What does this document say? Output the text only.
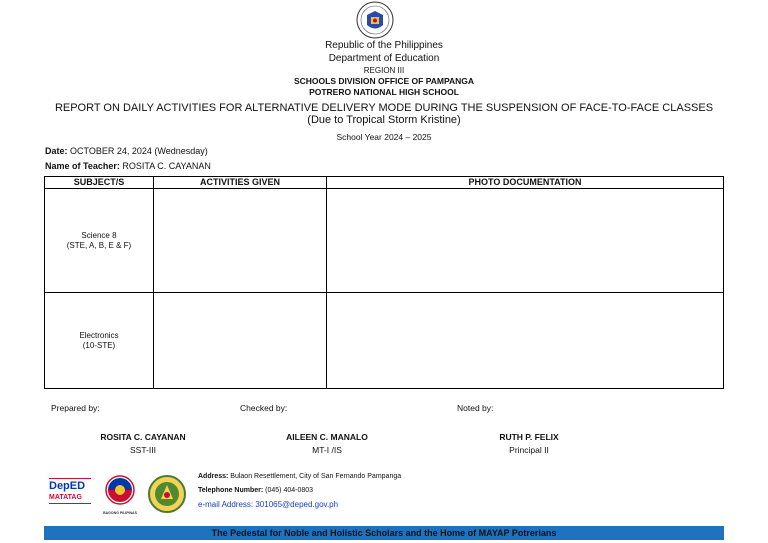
Republic of the Philippines
Department of Education
REGION III
SCHOOLS DIVISION OFFICE OF PAMPANGA
POTRERO NATIONAL HIGH SCHOOL
REPORT ON DAILY ACTIVITIES FOR ALTERNATIVE DELIVERY MODE DURING THE SUSPENSION OF FACE-TO-FACE CLASSES
(Due to Tropical Storm Kristine)
School Year 2024 – 2025
Date: OCTOBER 24, 2024 (Wednesday)
Name of Teacher: ROSITA C. CAYANAN
SUBJECT/S	ACTIVITIES GIVEN	PHOTO DOCUMENTATION

Science 8
(STE, A, B, E & F)		

Electronics
(10-STE)		

Prepared by:	Checked by:	Noted by:
ROSITA C. CAYANAN
SST-III
AILEEN C. MANALO
MT-I /IS
RUTH P. FELIX
Principal II
DepED
MATATAG
BAGONG PILIPINAS
Address: Bulaon Resettlement, City of San Fernando Pampanga
Telephone Number: (045) 404-0803
e-mail Address: 301065@deped.gov.ph
The Pedestal for Noble and Holistic Scholars and the Home of MAYAP Potrerians
